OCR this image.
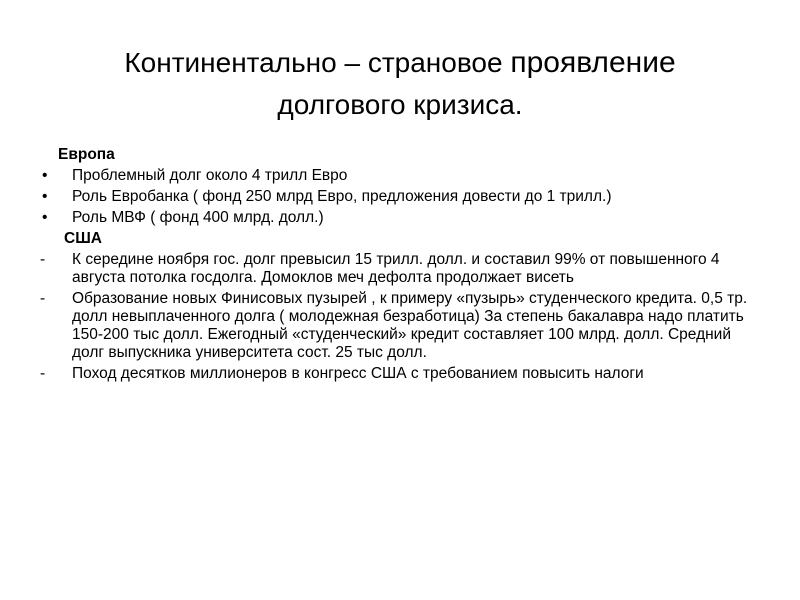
Континентально – страновое проявление
долгового кризиса.
Европа
• Проблемный долг около 4 трилл Евро
• Роль Евробанка ( фонд 250 млрд Евро, предложения довести до 1 трилл.)
• Роль МВФ ( фонд 400 млрд. долл.)
США
- К середине ноября гос. долг превысил 15 трилл. долл. и составил 99% от повышенного 4 августа потолка госдолга. Домоклов меч дефолта продолжает висеть
- Образование новых Финисовых пузырей , к примеру «пузырь» студенческого кредита. 0,5 тр. долл невыплаченного долга ( молодежная безработица) За степень бакалавра надо платить 150-200 тыс долл. Ежегодный «студенческий» кредит составляет 100 млрд. долл. Средний долг выпускника университета сост. 25 тыс долл.
- Поход десятков миллионеров в конгресс США с требованием повысить налоги
